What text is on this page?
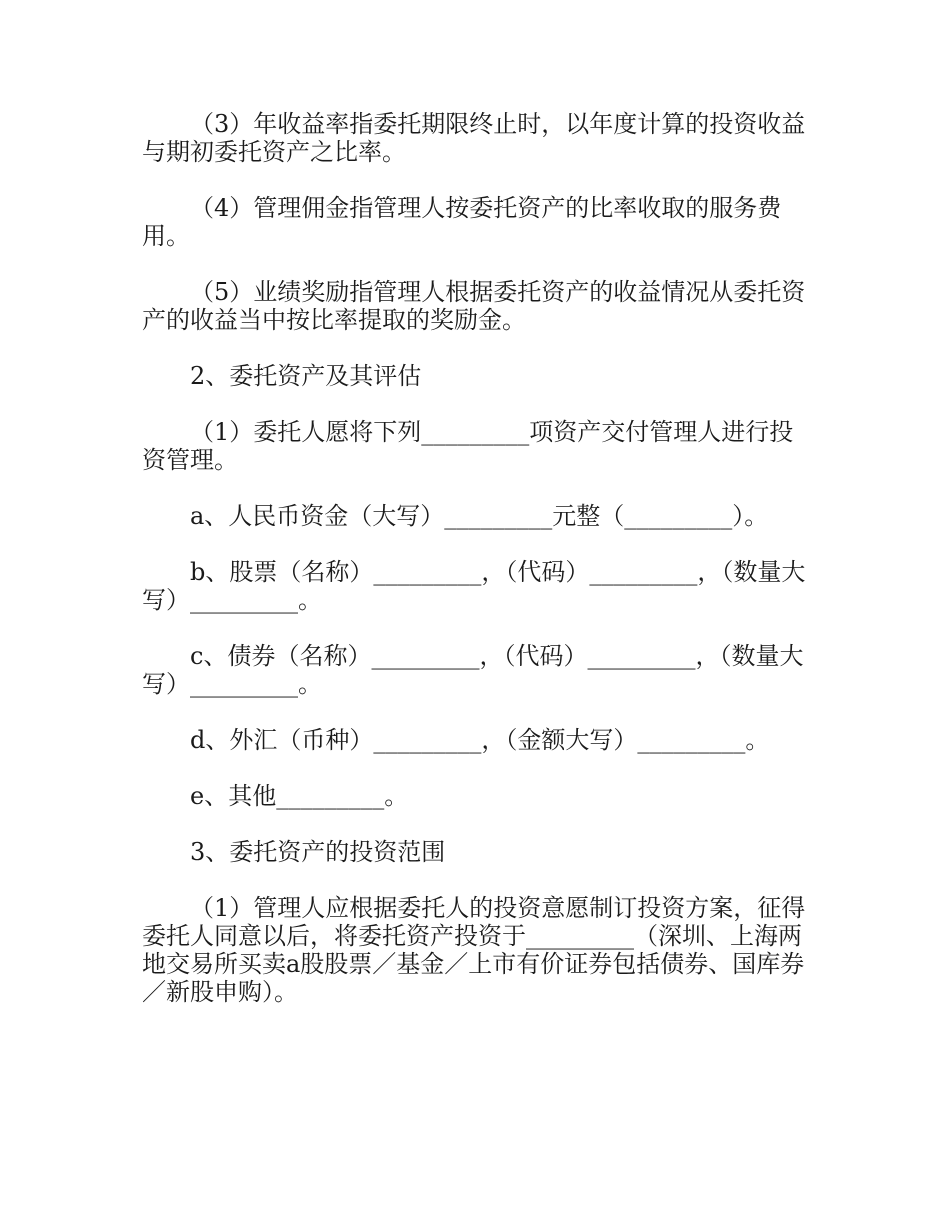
（3）年收益率指委托期限终止时，以年度计算的投资收益与期初委托资产之比率。

（4）管理佣金指管理人按委托资产的比率收取的服务费用。

（5）业绩奖励指管理人根据委托资产的收益情况从委托资产的收益当中按比率提取的奖励金。

2、委托资产及其评估

（1）委托人愿将下列_________项资产交付管理人进行投资管理。

a、人民币资金（大写）_________元整（_________）。

b、股票（名称）_________，（代码）_________，（数量大写）_________。

c、债券（名称）_________，（代码）_________，（数量大写）_________。

d、外汇（币种）_________，（金额大写）_________。

e、其他_________。

3、委托资产的投资范围

（1）管理人应根据委托人的投资意愿制订投资方案，征得委托人同意以后，将委托资产投资于_________（深圳、上海两地交易所买卖a股股票／基金／上市有价证券包括债券、国库券／新股申购）。
